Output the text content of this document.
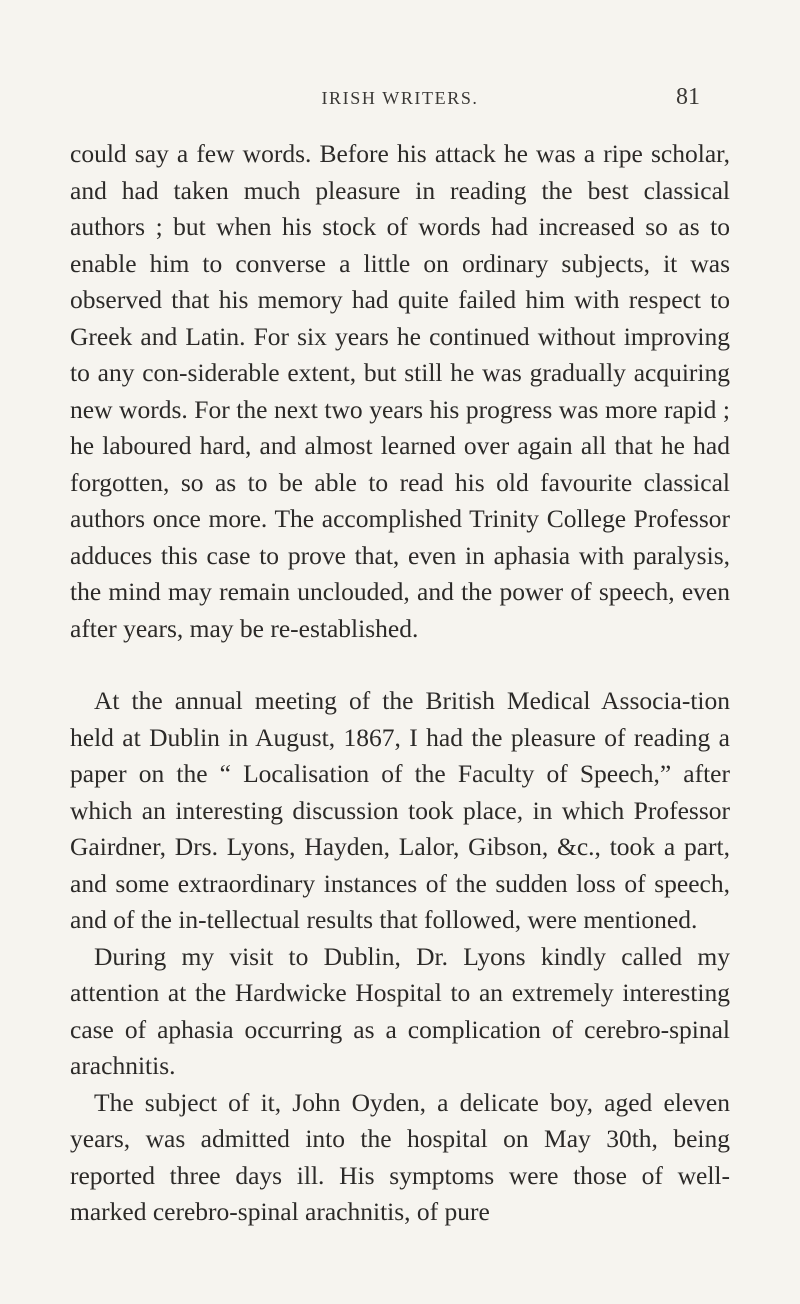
IRISH WRITERS.	81

could say a few words. Before his attack he was a ripe scholar, and had taken much pleasure in reading the best classical authors ; but when his stock of words had increased so as to enable him to converse a little on ordinary subjects, it was observed that his memory had quite failed him with respect to Greek and Latin. For six years he continued without improving to any con-siderable extent, but still he was gradually acquiring new words. For the next two years his progress was more rapid ; he laboured hard, and almost learned over again all that he had forgotten, so as to be able to read his old favourite classical authors once more. The accomplished Trinity College Professor adduces this case to prove that, even in aphasia with paralysis, the mind may remain unclouded, and the power of speech, even after years, may be re-established.

At the annual meeting of the British Medical Associa-tion held at Dublin in August, 1867, I had the pleasure of reading a paper on the “ Localisation of the Faculty of Speech,” after which an interesting discussion took place, in which Professor Gairdner, Drs. Lyons, Hayden, Lalor, Gibson, &c., took a part, and some extraordinary instances of the sudden loss of speech, and of the in-tellectual results that followed, were mentioned.

During my visit to Dublin, Dr. Lyons kindly called my attention at the Hardwicke Hospital to an extremely interesting case of aphasia occurring as a complication of cerebro-spinal arachnitis.

The subject of it, John Oyden, a delicate boy, aged eleven years, was admitted into the hospital on May 30th, being reported three days ill. His symptoms were those of well-marked cerebro-spinal arachnitis, of pure
